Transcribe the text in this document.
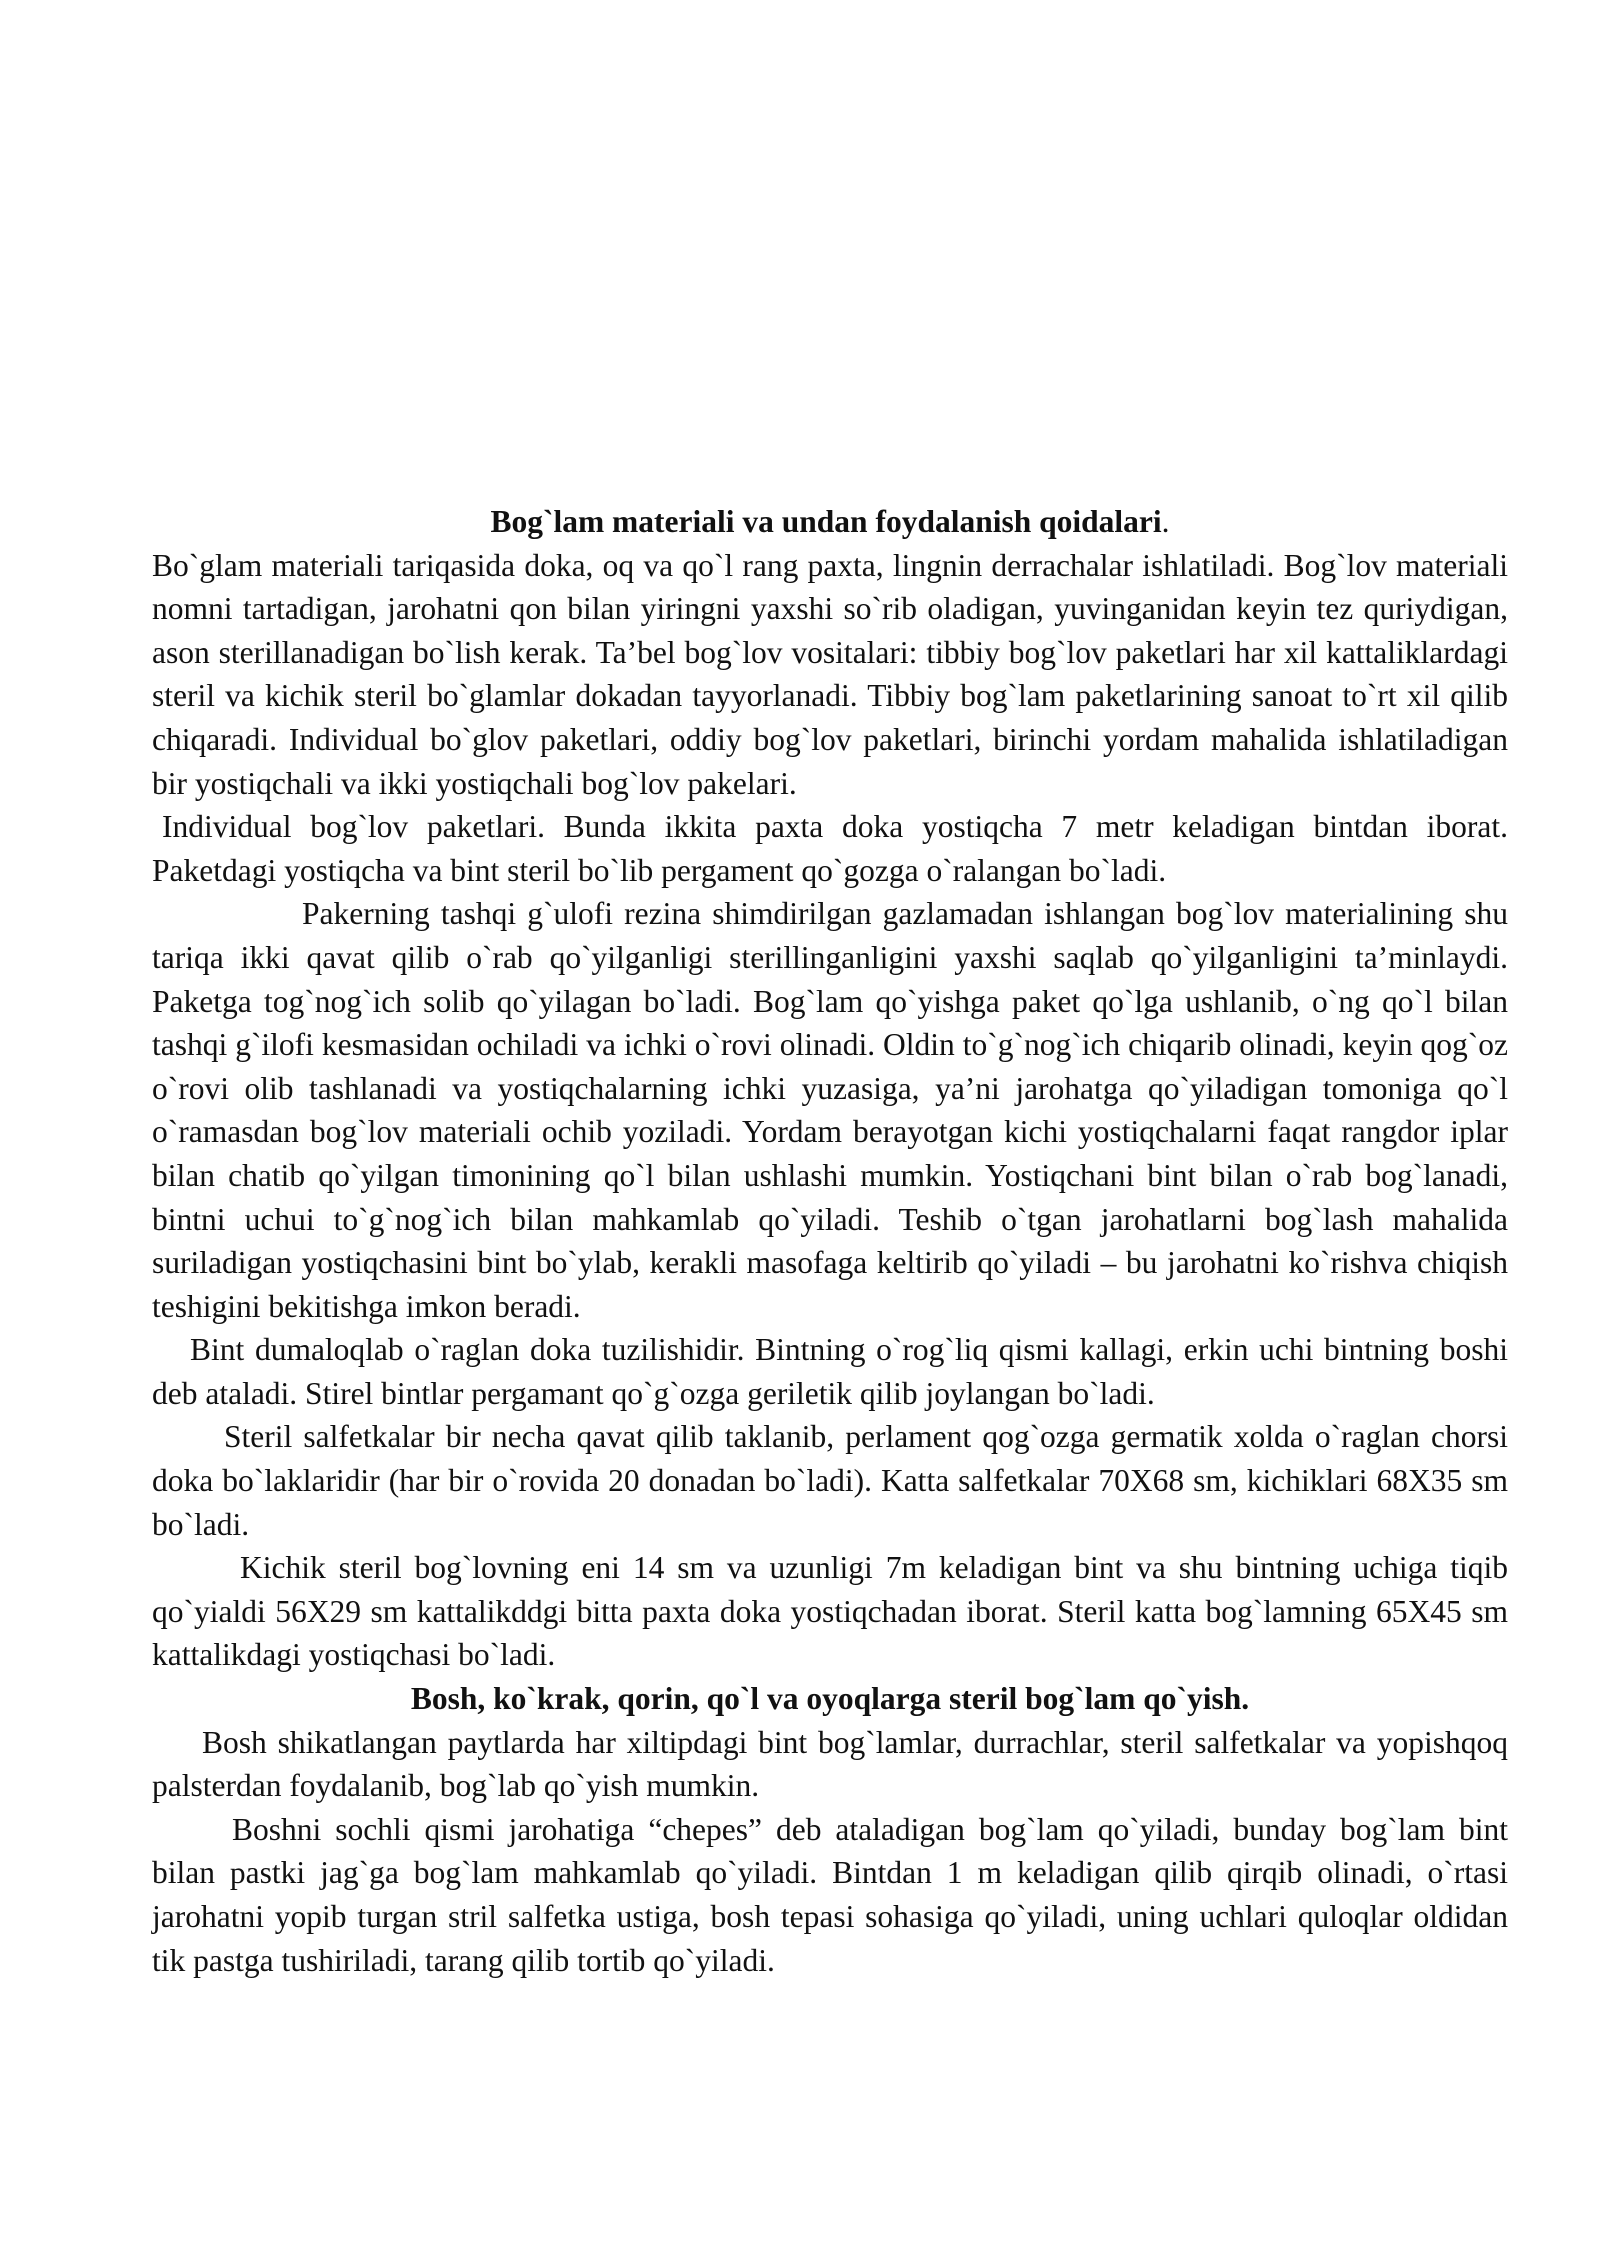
Bog`lam materiali va undan foydalanish qoidalari.

Bo`glam materiali tariqasida doka, oq va qo`l rang paxta, lingnin derrachalar ishlatiladi. Bog`lov materiali nomni tartadigan, jarohatni qon bilan yiringni yaxshi so`rib oladigan, yuvinganidan keyin tez quriydigan, ason sterillanadigan bo`lish kerak. Ta’bel bog`lov vositalari: tibbiy bog`lov paketlari har xil kattaliklardagi steril va kichik steril bo`glamlar dokadan tayyorlanadi. Tibbiy bog`lam paketlarining sanoat to`rt xil qilib chiqaradi. Individual bo`glov paketlari, oddiy bog`lov paketlari, birinchi yordam mahalida ishlatiladigan bir yostiqchali va ikki yostiqchali bog`lov pakelari.

Individual bog`lov paketlari. Bunda ikkita paxta doka yostiqcha 7 metr keladigan bintdan iborat. Paketdagi yostiqcha va bint steril bo`lib pergament qo`gozga o`ralangan bo`ladi.

Pakerning tashqi g`ulofi rezina shimdirilgan gazlamadan ishlangan bog`lov materialining shu tariqa ikki qavat qilib o`rab qo`yilganligi sterillinganligini yaxshi saqlab qo`yilganligini ta’minlaydi. Paketga tog`nog`ich solib qo`yilagan bo`ladi. Bog`lam qo`yishga paket qo`lga ushlanib, o`ng qo`l bilan tashqi g`ilofi kesmasidan ochiladi va ichki o`rovi olinadi. Oldin to`g`nog`ich chiqarib olinadi, keyin qog`oz o`rovi olib tashlanadi va yostiqchalarning ichki yuzasiga, ya’ni jarohatga qo`yiladigan tomoniga qo`l o`ramasdan bog`lov materiali ochib yoziladi. Yordam berayotgan kichi yostiqchalarni faqat rangdor iplar bilan chatib qo`yilgan timonining qo`l bilan ushlashi mumkin. Yostiqchani bint bilan o`rab bog`lanadi, bintni uchui to`g`nog`ich bilan mahkamlab qo`yiladi. Teshib o`tgan jarohatlarni bog`lash mahalida suriladigan yostiqchasini bint bo`ylab, kerakli masofaga keltirib qo`yiladi – bu jarohatni ko`rishva chiqish teshigini bekitishga imkon beradi.

Bint dumaloqlab o`raglan doka tuzilishidir. Bintning o`rog`liq qismi kallagi, erkin uchi bintning boshi deb ataladi. Stirel bintlar pergamant qo`g`ozga geriletik qilib joylangan bo`ladi.

Steril salfetkalar bir necha qavat qilib taklanib, perlament qog`ozga germatik xolda o`raglan chorsi doka bo`laklaridir (har bir o`rovida 20 donadan bo`ladi). Katta salfetkalar 70X68 sm, kichiklari 68X35 sm bo`ladi.

Kichik steril bog`lovning eni 14 sm va uzunligi 7m keladigan bint va shu bintning uchiga tiqib qo`yialdi 56X29 sm kattalikddgi bitta paxta doka yostiqchadan iborat. Steril katta bog`lamning 65X45 sm kattalikdagi yostiqchasi bo`ladi.

Bosh, ko`krak, qorin, qo`l va oyoqlarga steril bog`lam qo`yish.

Bosh shikatlangan paytlarda har xiltipdagi bint bog`lamlar, durrachlar, steril salfetkalar va yopishqoq palsterdan foydalanib, bog`lab qo`yish mumkin.

Boshni sochli qismi jarohatiga “chepes” deb ataladigan bog`lam qo`yiladi, bunday bog`lam bint bilan pastki jag`ga bog`lam mahkamlab qo`yiladi. Bintdan 1 m keladigan qilib qirqib olinadi, o`rtasi jarohatni yopib turgan stril salfetka ustiga, bosh tepasi sohasiga qo`yiladi, uning uchlari quloqlar oldidan tik pastga tushiriladi, tarang qilib tortib qo`yiladi.
